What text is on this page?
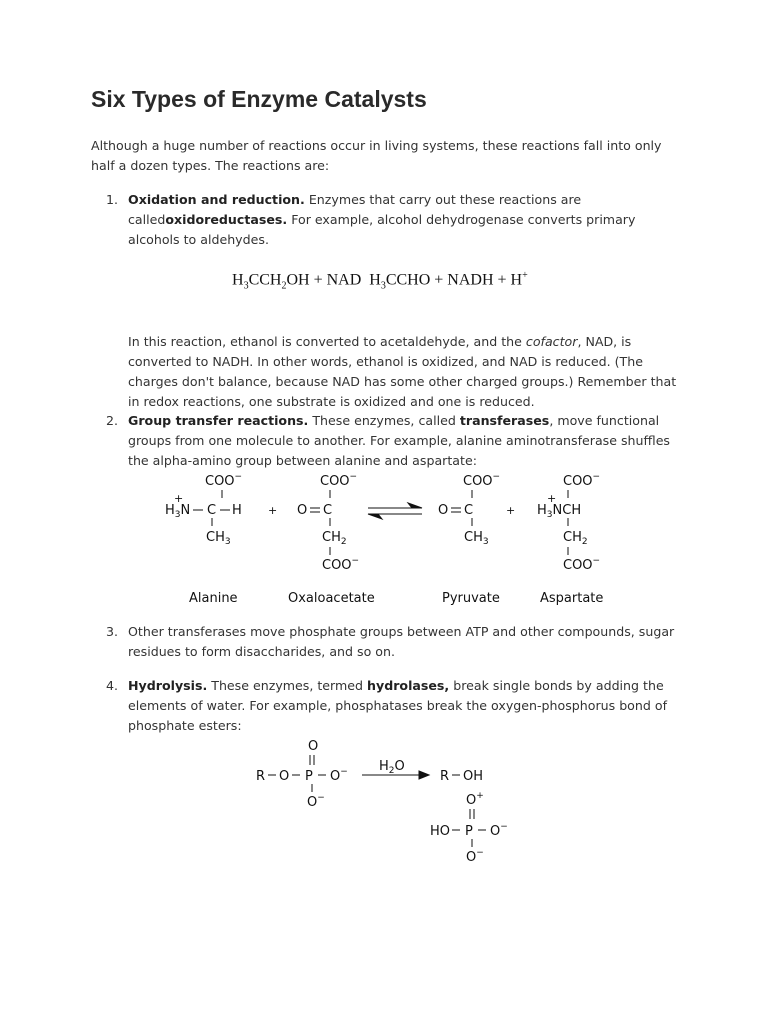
Six Types of Enzyme Catalysts

Although a huge number of reactions occur in living systems, these reactions fall into only half a dozen types. The reactions are:

1. Oxidation and reduction. Enzymes that carry out these reactions are calledoxidoreductases. For example, alcohol dehydrogenase converts primary alcohols to aldehydes.

$H_3CCH_2OH$ + NAD  $H_3CCHO$ + NADH + H+

In this reaction, ethanol is converted to acetaldehyde, and the cofactor, NAD, is converted to NADH. In other words, ethanol is oxidized, and NAD is reduced. (The charges don't balance, because NAD has some other charged groups.) Remember that in redox reactions, one substrate is oxidized and one is reduced.

2. Group transfer reactions. These enzymes, called transferases, move functional groups from one molecule to another. For example, alanine aminotransferase shuffles the alpha-amino group between alanine and aspartate:

COO−
+
$H_3N$ C H
$CH_3$
+
COO−
O C
$CH_2$
COO−
COO−
O C
$CH_3$
+
COO−
+
$H_3NCH$
$CH_2$
COO−
Alanine	Oxaloacetate	Pyruvate	Aspartate
3. Other transferases move phosphate groups between ATP and other compounds, sugar residues to form disaccharides, and so on.

4. Hydrolysis. These enzymes, termed hydrolases, break single bonds by adding the elements of water. For example, phosphatases break the oxygen-phosphorus bond of phosphate esters:

O
R O P O−
O−
R OH
O+
HO P O−
O−
$H_2O$
